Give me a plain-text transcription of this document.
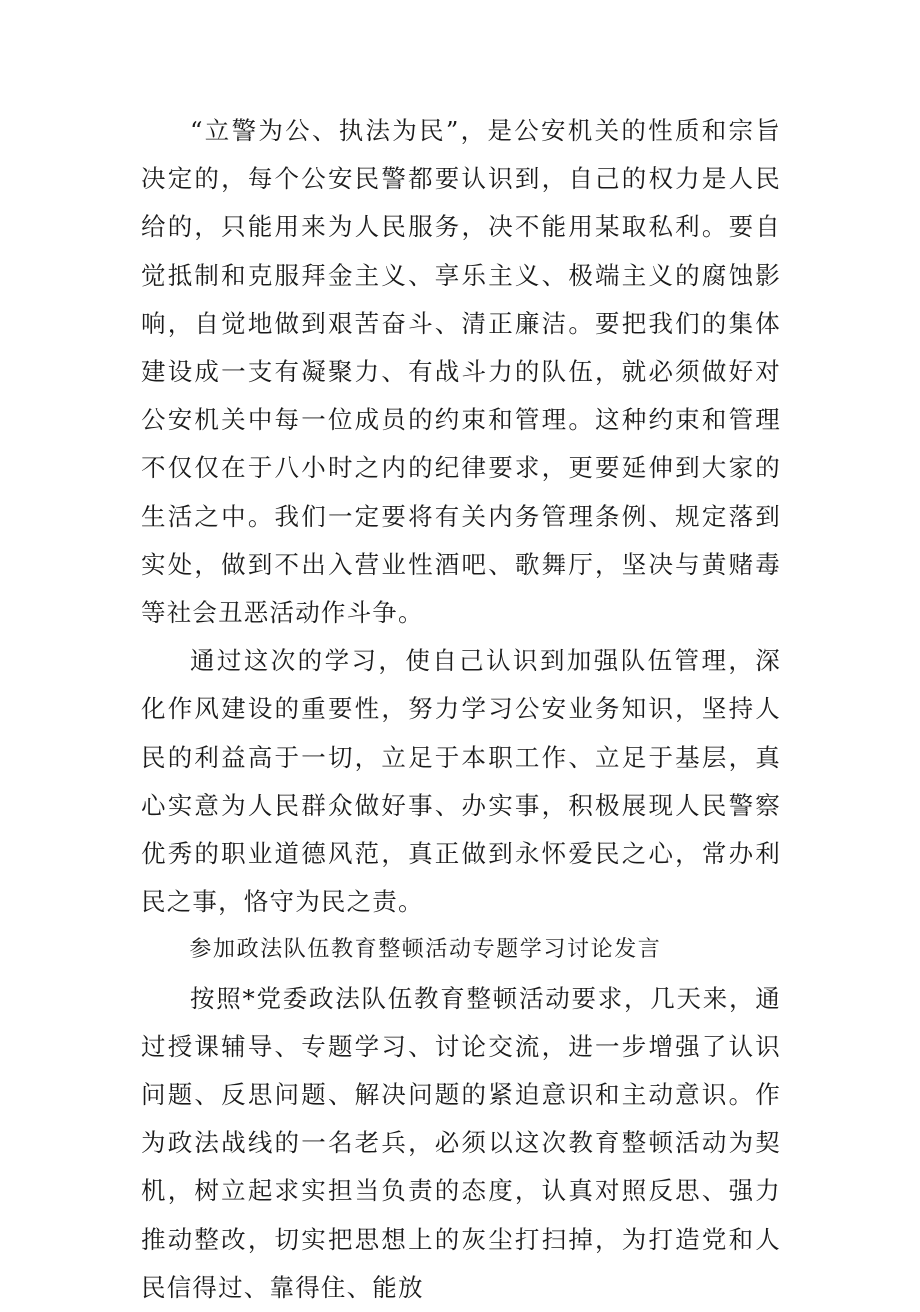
“立警为公、执法为民”，是公安机关的性质和宗旨决定的，每个公安民警都要认识到，自己的权力是人民给的，只能用来为人民服务，决不能用某取私利。要自觉抵制和克服拜金主义、享乐主义、极端主义的腐蚀影响，自觉地做到艰苦奋斗、清正廉洁。要把我们的集体建设成一支有凝聚力、有战斗力的队伍，就必须做好对公安机关中每一位成员的约束和管理。这种约束和管理不仅仅在于八小时之内的纪律要求，更要延伸到大家的生活之中。我们一定要将有关内务管理条例、规定落到实处，做到不出入营业性酒吧、歌舞厅，坚决与黄赌毒等社会丑恶活动作斗争。

通过这次的学习，使自己认识到加强队伍管理，深化作风建设的重要性，努力学习公安业务知识，坚持人民的利益高于一切，立足于本职工作、立足于基层，真心实意为人民群众做好事、办实事，积极展现人民警察优秀的职业道德风范，真正做到永怀爱民之心，常办利民之事，恪守为民之责。

参加政法队伍教育整顿活动专题学习讨论发言

按照*党委政法队伍教育整顿活动要求，几天来，通过授课辅导、专题学习、讨论交流，进一步增强了认识问题、反思问题、解决问题的紧迫意识和主动意识。作为政法战线的一名老兵，必须以这次教育整顿活动为契机，树立起求实担当负责的态度，认真对照反思、强力推动整改，切实把思想上的灰尘打扫掉，为打造党和人民信得过、靠得住、能放
